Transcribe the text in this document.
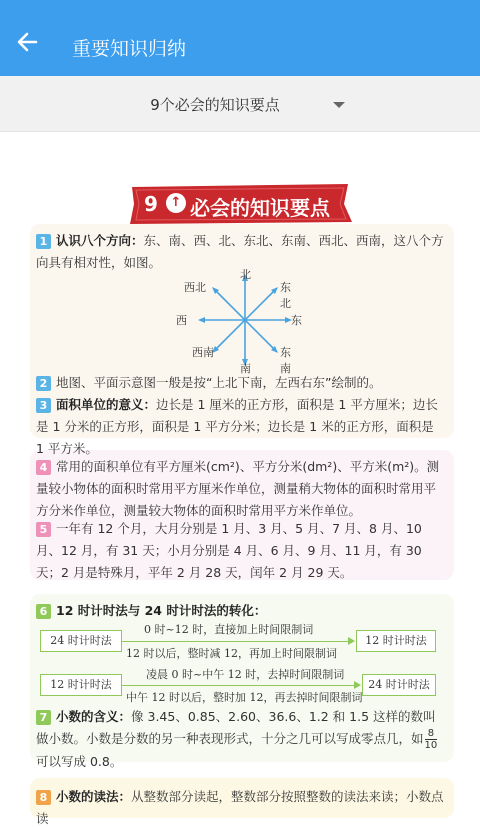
重要知识归纳
9个必会的知识要点
9 ↑ 必会的知识要点
1 认识八个方向：东、南、西、北、东北、东南、西北、西南，这八个方向具有相对性，如图。
北
南
东
西
东北
西北
东南
西南
2 地图、平面示意图一般是按“上北下南，左西右东”绘制的。
3 面积单位的意义：边长是 1 厘米的正方形，面积是 1 平方厘米；边长是 1 分米的正方形，面积是 1 平方分米；边长是 1 米的正方形，面积是 1 平方米。
4 常用的面积单位有平方厘米(cm²)、平方分米(dm²)、平方米(m²)。测量较小物体的面积时常用平方厘米作单位，测量稍大物体的面积时常用平方分米作单位，测量较大物体的面积时常用平方米作单位。
5 一年有 12 个月，大月分别是 1 月、3 月、5 月、7 月、8 月、10 月、12 月，有 31 天；小月分别是 4 月、6 月、9 月、11 月，有 30 天；2 月是特殊月，平年 2 月 28 天，闰年 2 月 29 天。
6 12 时计时法与 24 时计时法的转化：
24 时计时法
0 时~12 时，直接加上时间限制词
12 时以后，整时减 12，再加上时间限制词
12 时计时法
12 时计时法
凌晨 0 时~中午 12 时，去掉时间限制词
中午 12 时以后，整时加 12，再去掉时间限制词
24 时计时法
7 小数的含义：像 3.45、0.85、2.60、36.6、1.2 和 1.5 这样的数叫做小数。小数是分数的另一种表现形式，十分之几可以写成零点几，如 $\frac{8}{10}$
可以写成 0.8。
8 小数的读法：从整数部分读起，整数部分按照整数的读法来读；小数点读
